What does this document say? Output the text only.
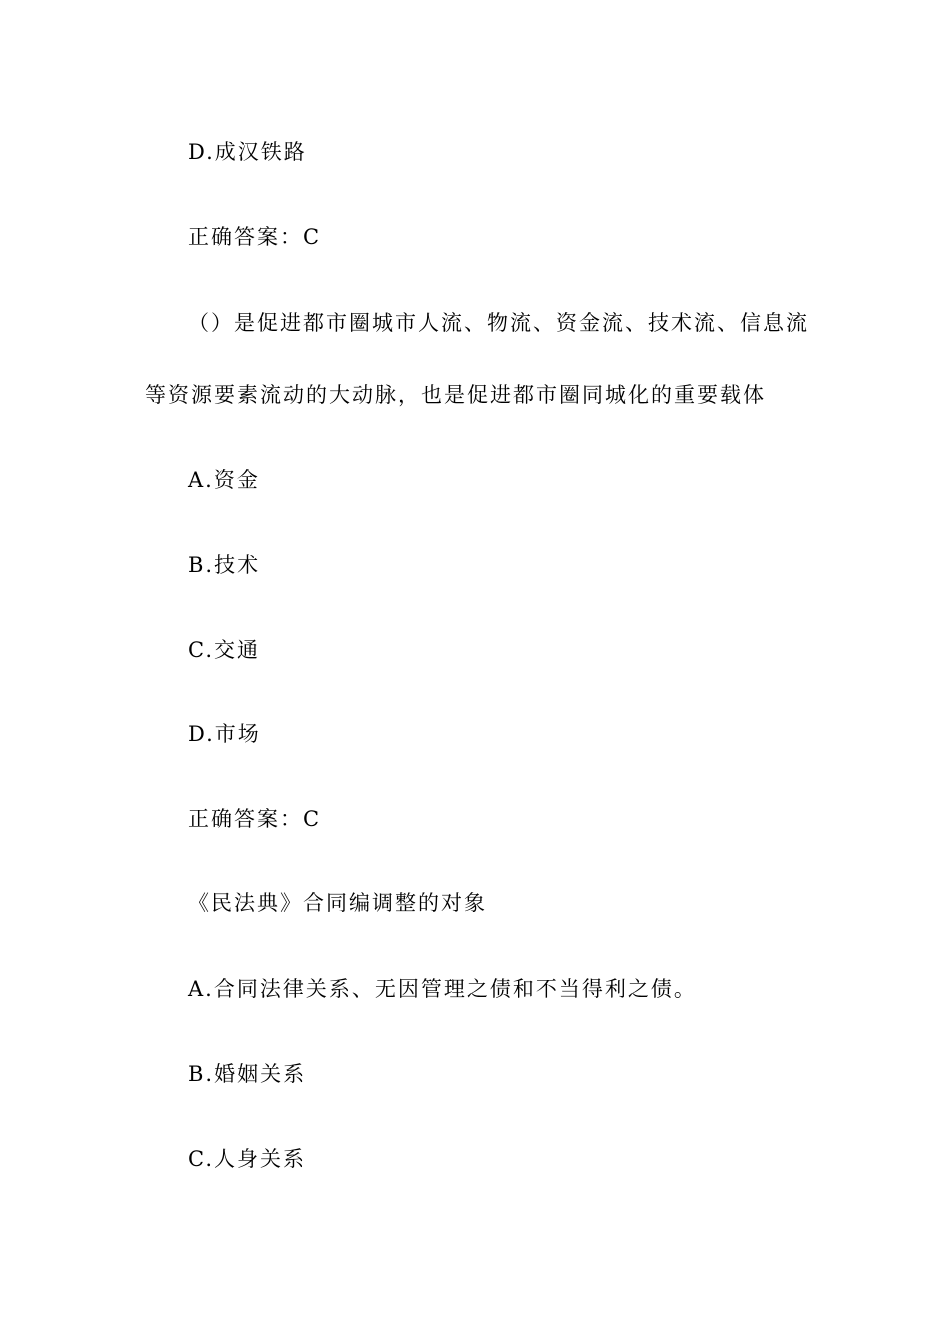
D.成汉铁路
正确答案：C
（）是促进都市圈城市人流、物流、资金流、技术流、信息流
等资源要素流动的大动脉，也是促进都市圈同城化的重要载体
A.资金
B.技术
C.交通
D.市场
正确答案：C
《民法典》合同编调整的对象
A.合同法律关系、无因管理之债和不当得利之债。
B.婚姻关系
C.人身关系
